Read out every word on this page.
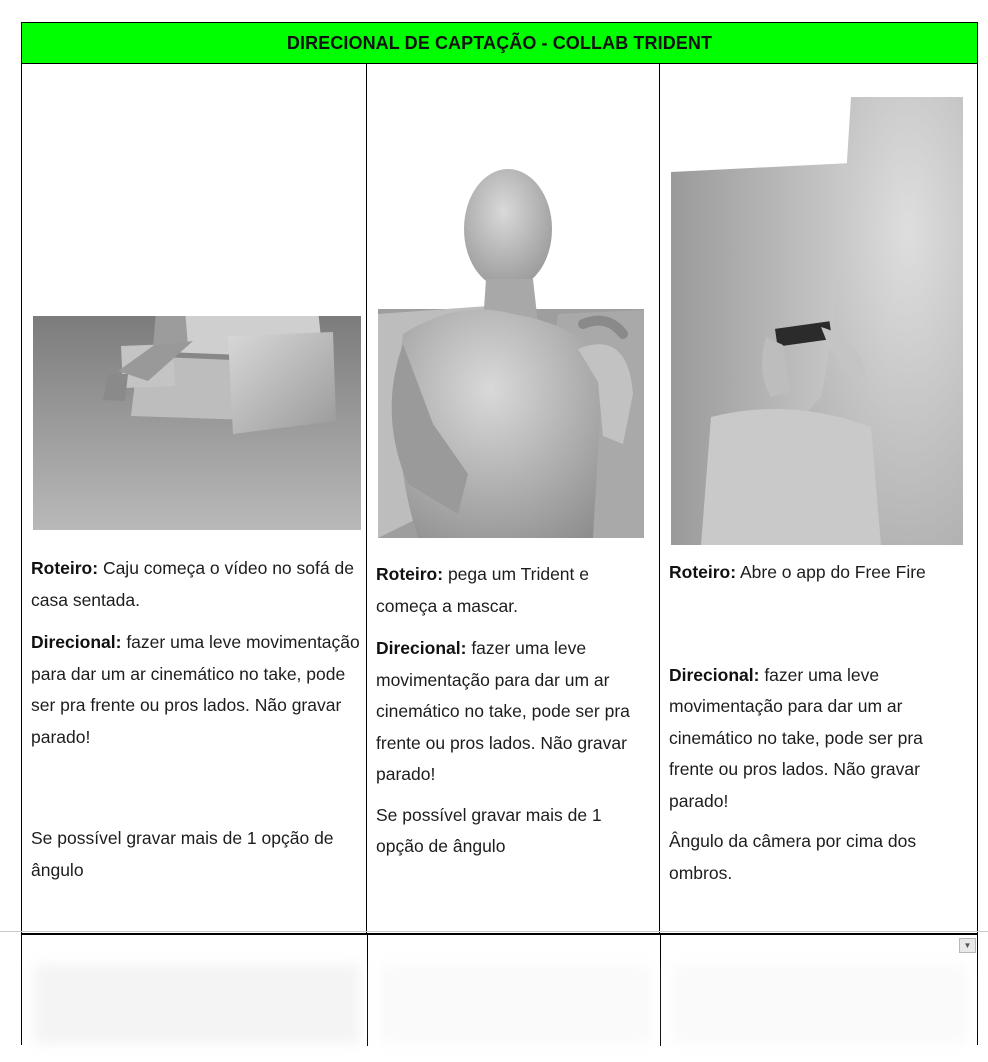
DIRECIONAL DE CAPTAÇÃO - COLLAB TRIDENT

Roteiro: Caju começa o vídeo no sofá de casa sentada.

Direcional: fazer uma leve movimentação para dar um ar cinemático no take, pode ser pra frente ou pros lados. Não gravar parado!

Se possível gravar mais de 1 opção de ângulo

Roteiro: pega um Trident e começa a mascar.

Direcional: fazer uma leve movimentação para dar um ar cinemático no take, pode ser pra frente ou pros lados. Não gravar parado!

Se possível gravar mais de 1 opção de ângulo

Roteiro: Abre o app do Free Fire

Direcional: fazer uma leve movimentação para dar um ar cinemático no take, pode ser pra frente ou pros lados. Não gravar parado!

Ângulo da câmera por cima dos ombros.

▼
